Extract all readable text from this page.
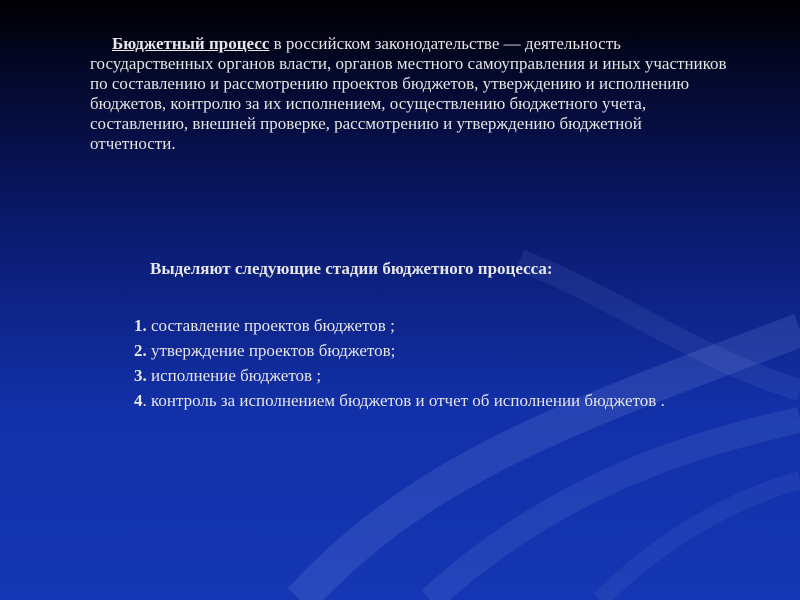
Бюджетный процесс в российском законодательстве — деятельность государственных органов власти, органов местного самоуправления и иных участников по составлению и рассмотрению проектов бюджетов, утверждению и исполнению бюджетов, контролю за их исполнением, осуществлению бюджетного учета, составлению, внешней проверке, рассмотрению и утверждению бюджетной отчетности.

Выделяют следующие стадии бюджетного процесса:

1. составление проектов бюджетов ;
2. утверждение проектов бюджетов;
3. исполнение бюджетов ;
4. контроль за исполнением бюджетов и отчет об исполнении бюджетов .
